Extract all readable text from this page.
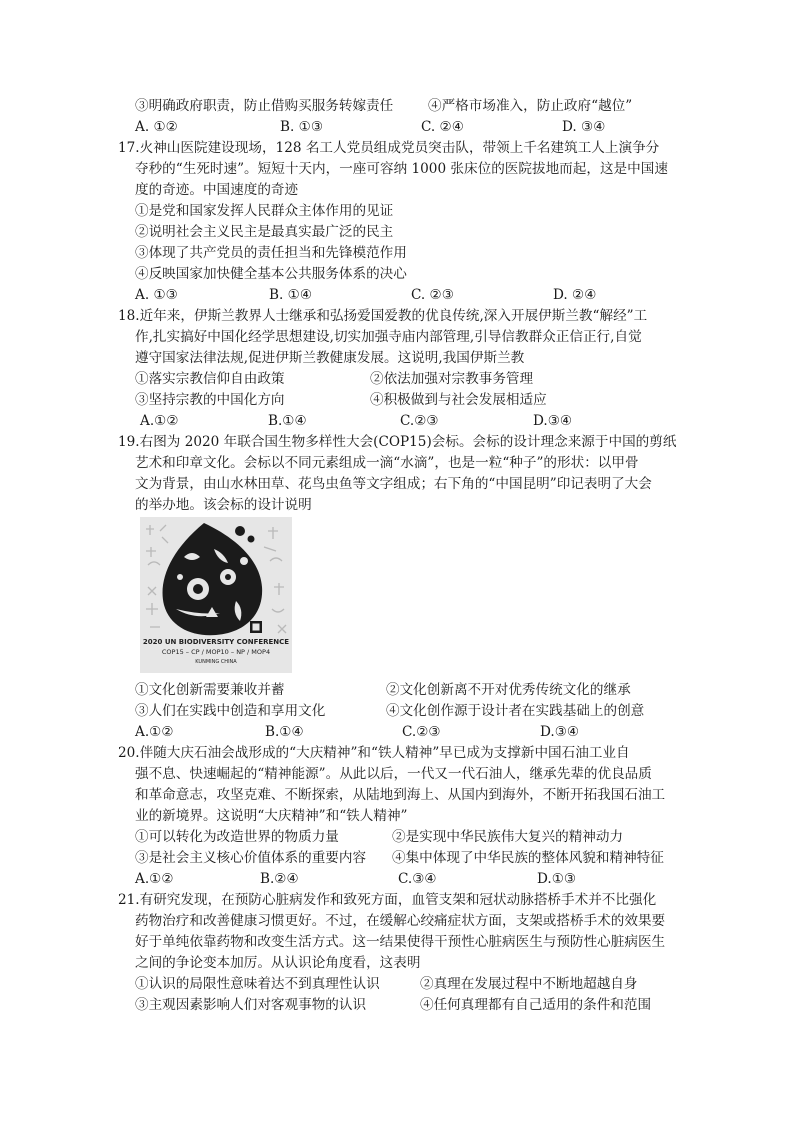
③明确政府职责，防止借购买服务转嫁责任	④严格市场准入，防止政府“越位”
A. ①②	B. ①③	C. ②④	D. ③④
17.火神山医院建设现场，128 名工人党员组成党员突击队，带领上千名建筑工人上演争分
夺秒的“生死时速”。短短十天内，一座可容纳 1000 张床位的医院拔地而起，这是中国速
度的奇迹。中国速度的奇迹
①是党和国家发挥人民群众主体作用的见证
②说明社会主义民主是最真实最广泛的民主
③体现了共产党员的责任担当和先锋模范作用
④反映国家加快健全基本公共服务体系的决心
A. ①③	B. ①④	C. ②③	D. ②④
18.近年来，伊斯兰教界人士继承和弘扬爱国爱教的优良传统,深入开展伊斯兰教“解经”工
作,扎实搞好中国化经学思想建设,切实加强寺庙内部管理,引导信教群众正信正行,自觉
遵守国家法律法规,促进伊斯兰教健康发展。这说明,我国伊斯兰教
①落实宗教信仰自由政策	②依法加强对宗教事务管理
③坚持宗教的中国化方向	④积极做到与社会发展相适应
A.①②	B.①④	C.②③	D.③④
19.右图为 2020 年联合国生物多样性大会(COP15)会标。会标的设计理念来源于中国的剪纸
艺术和印章文化。会标以不同元素组成一滴“水滴”，也是一粒“种子”的形状：以甲骨
文为背景，由山水林田草、花鸟虫鱼等文字组成；右下角的“中国昆明”印记表明了大会
的举办地。该会标的设计说明
2020 UN BIODIVERSITY CONFERENCE
COP15 – CP / MOP10 – NP / MOP4
KUNMING CHINA
①文化创新需要兼收并蓄	②文化创新离不开对优秀传统文化的继承
③人们在实践中创造和享用文化	④文化创作源于设计者在实践基础上的创意
A.①②	B.①④	C.②③	D.③④
20.伴随大庆石油会战形成的“大庆精神”和“铁人精神”早已成为支撑新中国石油工业自
强不息、快速崛起的“精神能源”。从此以后，一代又一代石油人，继承先辈的优良品质
和革命意志，攻坚克难、不断探索，从陆地到海上、从国内到海外，不断开拓我国石油工
业的新境界。这说明“大庆精神”和“铁人精神”
①可以转化为改造世界的物质力量	②是实现中华民族伟大复兴的精神动力
③是社会主义核心价值体系的重要内容 ④集中体现了中华民族的整体风貌和精神特征
A.①②	B.②④	C.③④	D.①③
21.有研究发现，在预防心脏病发作和致死方面，血管支架和冠状动脉搭桥手术并不比强化
药物治疗和改善健康习惯更好。不过，在缓解心绞痛症状方面，支架或搭桥手术的效果要
好于单纯依靠药物和改变生活方式。这一结果使得干预性心脏病医生与预防性心脏病医生
之间的争论变本加厉。从认识论角度看，这表明
①认识的局限性意味着达不到真理性认识	②真理在发展过程中不断地超越自身
③主观因素影响人们对客观事物的认识	④任何真理都有自己适用的条件和范围
